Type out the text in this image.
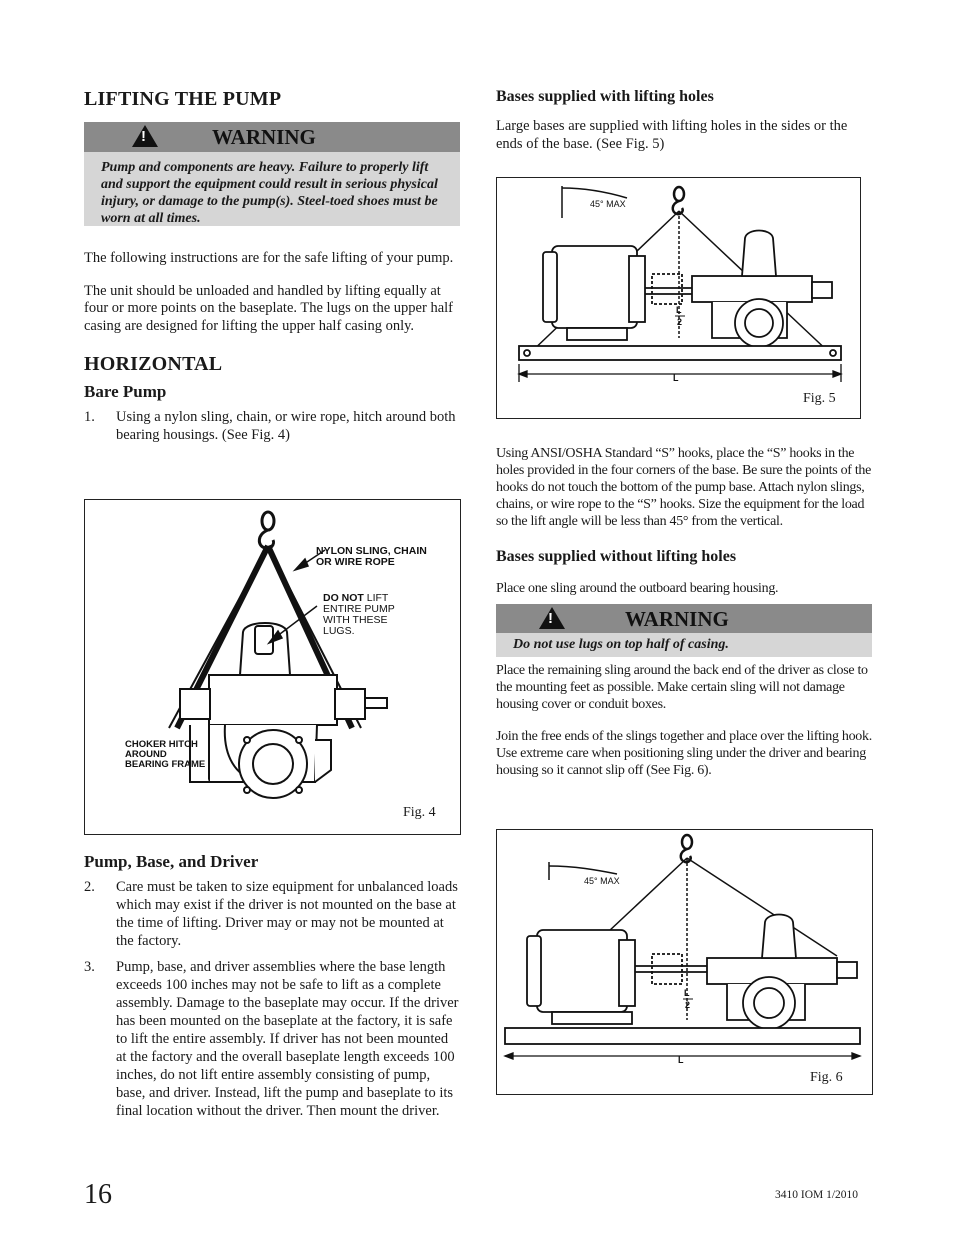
LIFTING THE PUMP
!	WARNING
Pump and components are heavy. Failure to properly lift and support the equipment could result in serious physical injury, or damage to the pump(s). Steel-toed shoes must be worn at all times.

The following instructions are for the safe lifting of your pump.

The unit should be unloaded and handled by lifting equally at four or more points on the baseplate. The lugs on the upper half casing are designed for lifting the upper half casing only.

HORIZONTAL
Bare Pump
1. Using a nylon sling, chain, or wire rope, hitch around both bearing housings. (See Fig. 4)
NYLON SLING, CHAIN
OR WIRE ROPE
DO NOT LIFT
ENTIRE PUMP
WITH THESE
LUGS.
CHOKER HITCH
AROUND
BEARING FRAME
Fig. 4
Pump, Base, and Driver
2. Care must be taken to size equipment for unbalanced loads which may exist if the driver is not mounted on the base at the time of lifting. Driver may or may not be mounted at the factory.
3. Pump, base, and driver assemblies where the base length exceeds 100 inches may not be safe to lift as a complete assembly. Damage to the baseplate may occur. If the driver has been mounted on the baseplate at the factory, it is safe to lift the entire assembly. If driver has not been mounted at the factory and the overall baseplate length exceeds 100 inches, do not lift entire assembly consisting of pump, base, and driver. Instead, lift the pump and baseplate to its final location without the driver. Then mount the driver.
Bases supplied with lifting holes

Large bases are supplied with lifting holes in the sides or the ends of the base. (See Fig. 5)

45° MAX
L
2
L
Fig. 5

Using ANSI/OSHA Standard “S” hooks, place the “S” hooks in the holes provided in the four corners of the base. Be sure the points of the hooks do not touch the bottom of the pump base. Attach nylon slings, chains, or wire rope to the “S” hooks. Size the equipment for the load so the lift angle will be less than 45° from the vertical.

Bases supplied without lifting holes

Place one sling around the outboard bearing housing.

!	WARNING
Do not use lugs on top half of casing.

Place the remaining sling around the back end of the driver as close to the mounting feet as possible. Make certain sling will not damage housing cover or conduit boxes.

Join the free ends of the slings together and place over the lifting hook. Use extreme care when positioning sling under the driver and bearing housing so it cannot slip off (See Fig. 6).

45° MAX
L
2
L
Fig. 6
16	3410 IOM 1/2010
